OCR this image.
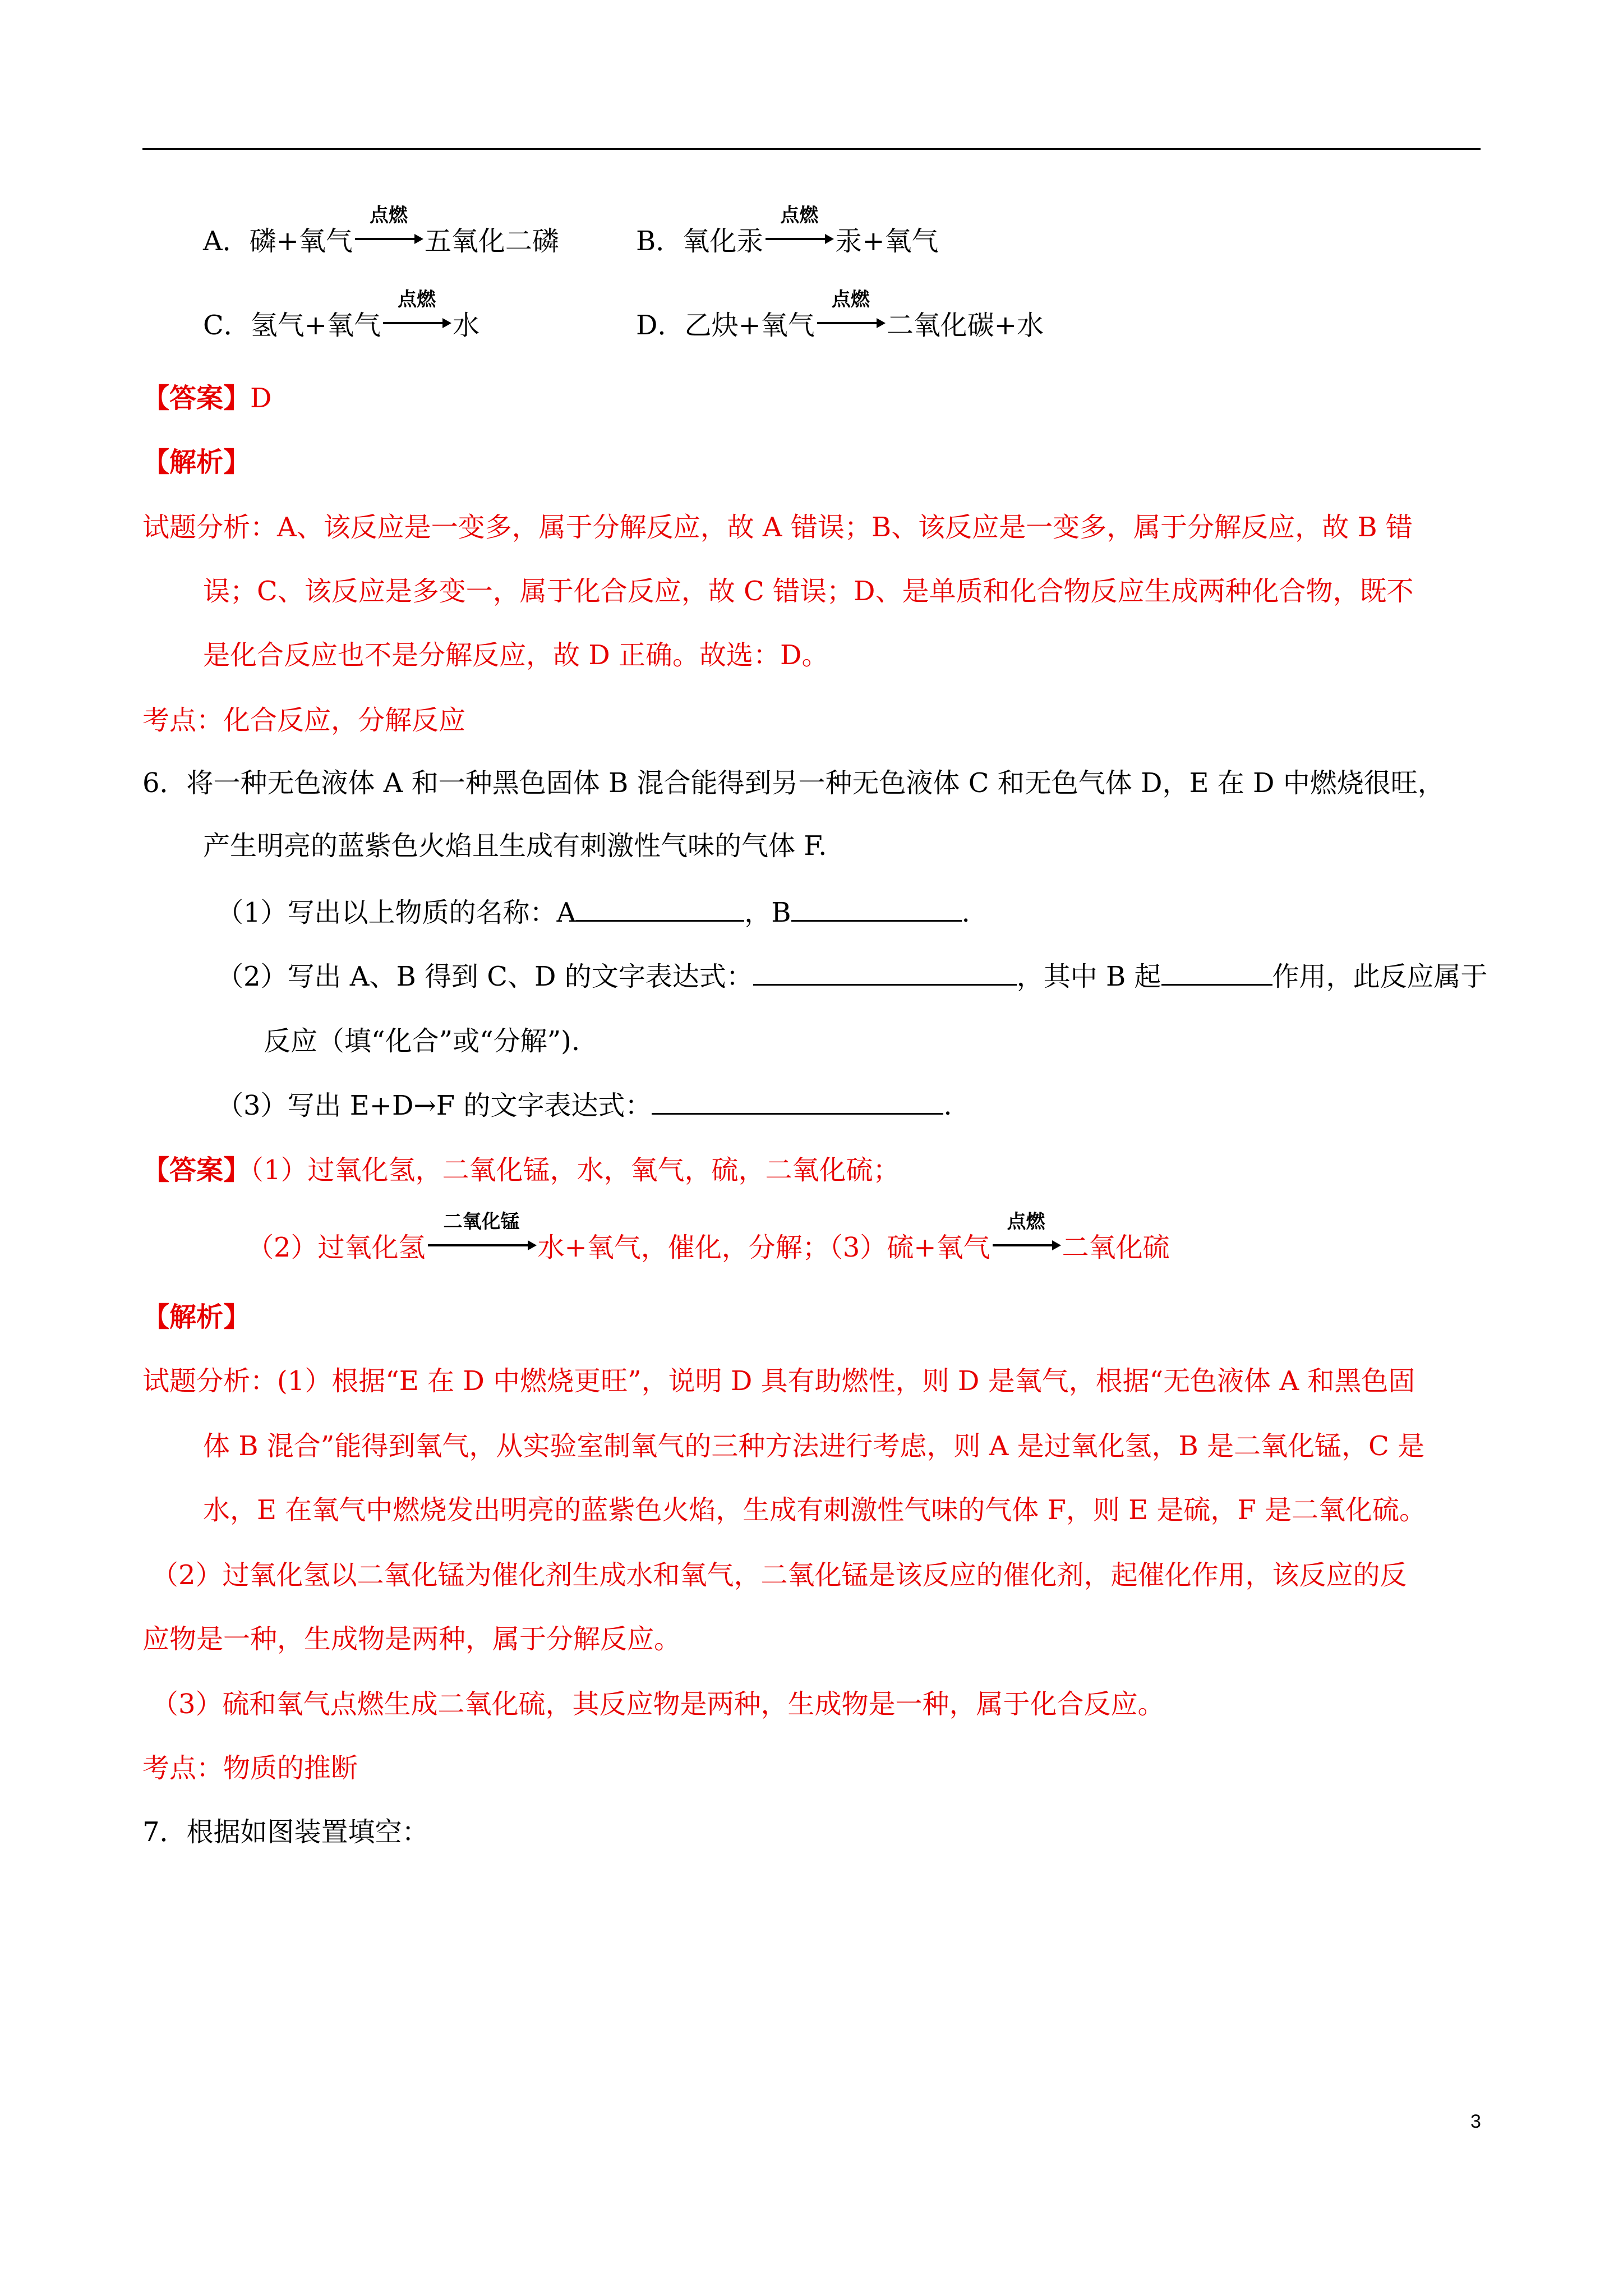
A．磷+氧气
点燃
五氧化二磷	B．氧化汞
点燃
汞+氧气
C．氢气+氧气
点燃
水	D．乙炔+氧气
点燃
二氧化碳+水
【答案】D
【解析】
试题分析：A、该反应是一变多，属于分解反应，故 A 错误；B、该反应是一变多，属于分解反应，故 B 错
误；C、该反应是多变一，属于化合反应，故 C 错误；D、是单质和化合物反应生成两种化合物，既不
是化合反应也不是分解反应，故 D 正确。故选：D。
考点：化合反应，分解反应
6．将一种无色液体 A 和一种黑色固体 B 混合能得到另一种无色液体 C 和无色气体 D，E 在 D 中燃烧很旺，
产生明亮的蓝紫色火焰且生成有刺激性气味的气体 F.
（1）写出以上物质的名称：A	，B	.
（2）写出 A、B 得到 C、D 的文字表达式：	，其中 B 起	作用，此反应属于
反应（填“化合”或“分解”).
（3）写出 E+D→F 的文字表达式：	.
【答案】（1）过氧化氢，二氧化锰，水，氧气，硫，二氧化硫；
（2）过氧化氢
二氧化锰
水+氧气，催化，分解；（3）硫+氧气
点燃
二氧化硫
【解析】
试题分析：(1）根据“E 在 D 中燃烧更旺”，说明 D 具有助燃性，则 D 是氧气，根据“无色液体 A 和黑色固
体 B 混合”能得到氧气，从实验室制氧气的三种方法进行考虑，则 A 是过氧化氢，B 是二氧化锰，C 是
水，E 在氧气中燃烧发出明亮的蓝紫色火焰，生成有刺激性气味的气体 F，则 E 是硫，F 是二氧化硫。
（2）过氧化氢以二氧化锰为催化剂生成水和氧气，二氧化锰是该反应的催化剂，起催化作用，该反应的反
应物是一种，生成物是两种，属于分解反应。
（3）硫和氧气点燃生成二氧化硫，其反应物是两种，生成物是一种，属于化合反应。
考点：物质的推断
7．根据如图装置填空：
3
